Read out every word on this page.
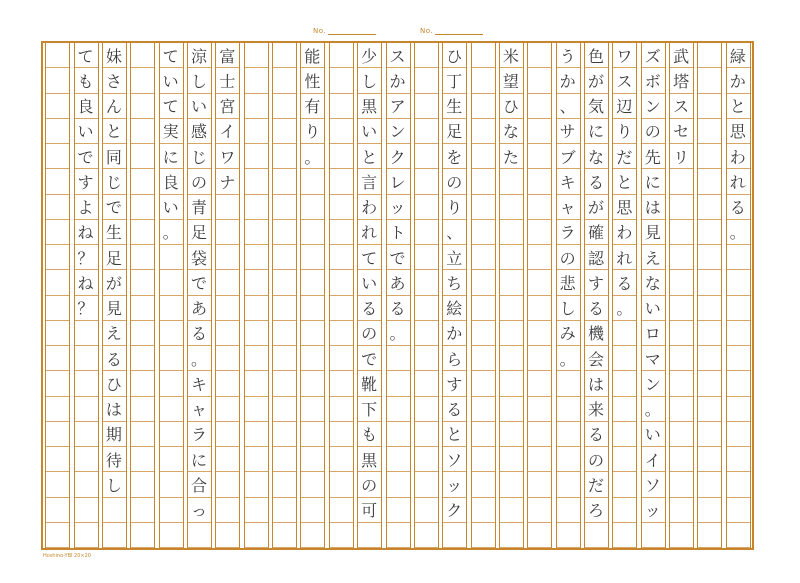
No.	No.
緑
か
と
思
わ
れ
る
。
武
塔
ス
セ
リ
ズ
ボ
ン
の
先
に
は
見
え
な
い
ロ
マ
ン
。
い
イ
ソ
ッ
ワ
ス
辺
り
だ
と
思
わ
れ
る
。
色
が
気
に
な
る
が
確
認
す
る
機
会
は
来
る
の
だ
ろ
う
か
、
サ
ブ
キ
ャ
ラ
の
悲
し
み
。
米
望
ひ
な
た
ひ
丁
生
足
を
の
り
、
立
ち
絵
か
ら
す
る
と
ソ
ッ
ク
ス
か
ア
ン
ク
レ
ッ
ト
で
あ
る
。
少
し
黒
い
と
言
わ
れ
て
い
る
の
で
靴
下
も
黒
の
可
能
性
有
り
。
富
士
宮
イ
ワ
ナ
涼
し
い
感
じ
の
青
足
袋
で
あ
る
。
キ
ャ
ラ
に
合
っ
て
い
て
実
に
良
い
。
妹
さ
ん
と
同
じ
で
生
足
が
見
え
る
ひ
は
期
待
し
て
も
良
い
で
す
よ
ね
？
ね
？
Hoshino-YBI 20×20
